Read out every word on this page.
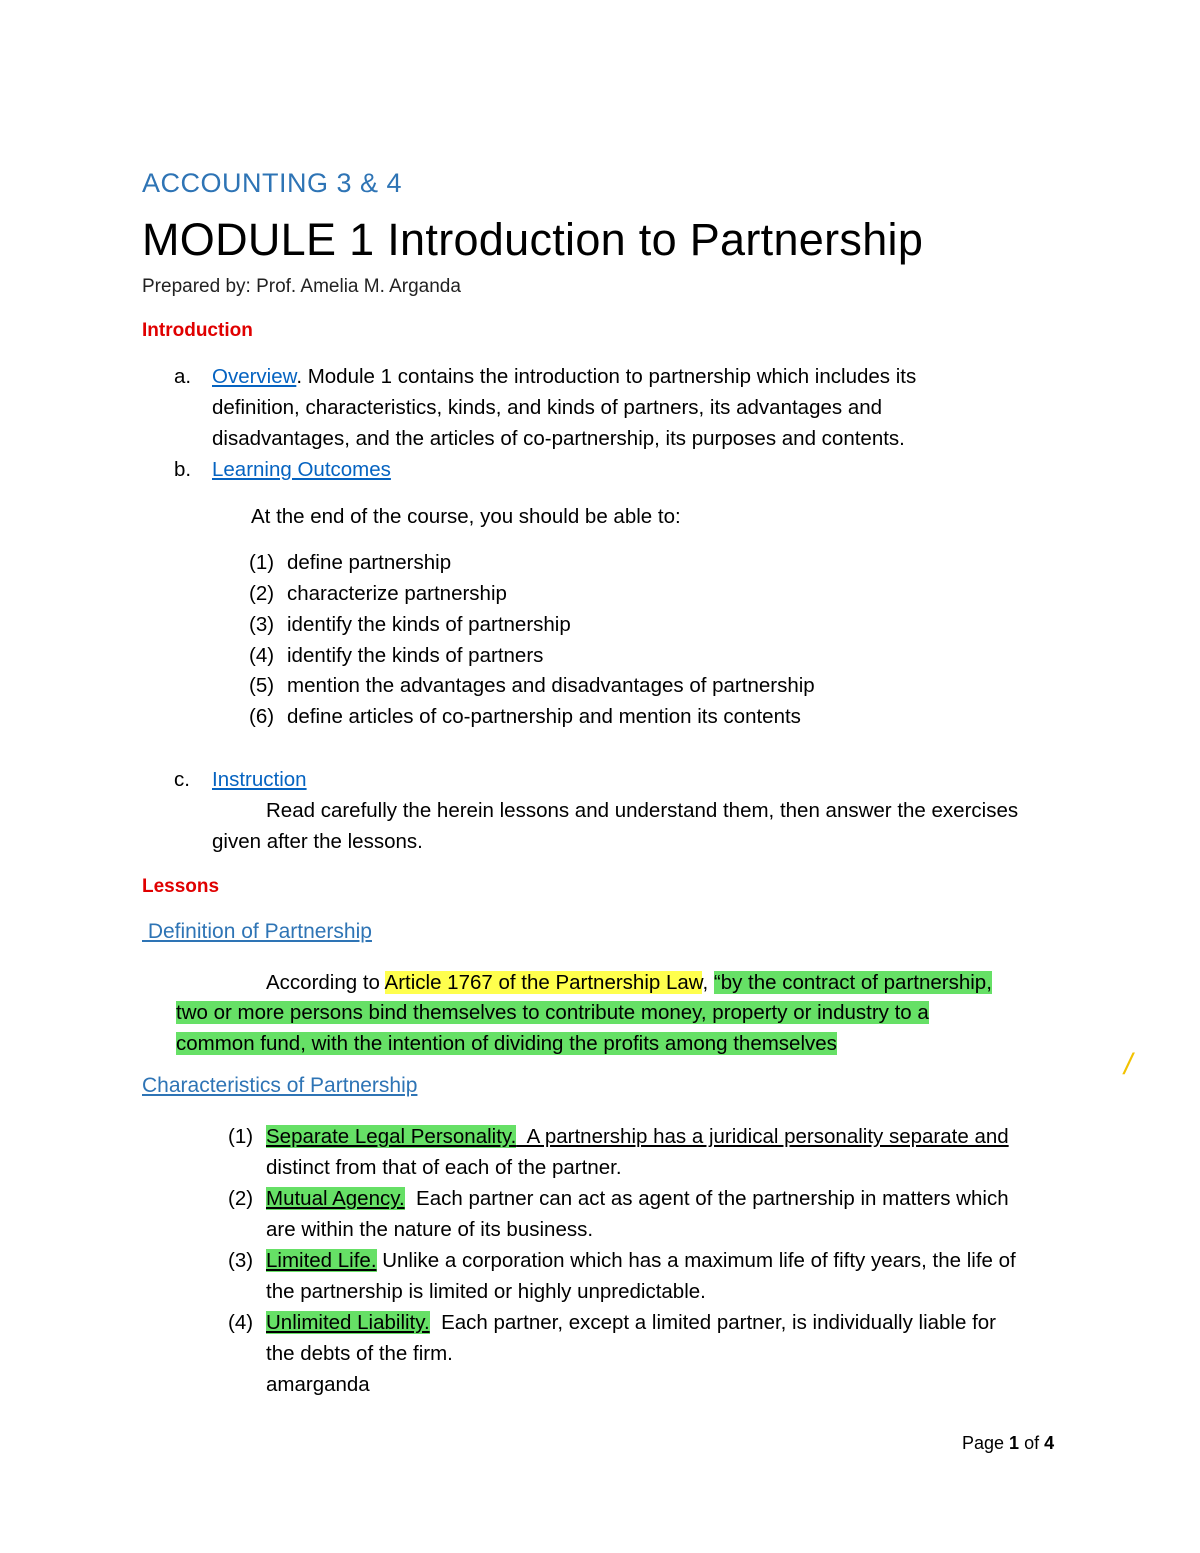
ACCOUNTING 3 & 4
MODULE 1 Introduction to Partnership
Prepared by: Prof. Amelia M. Arganda
Introduction
a. Overview. Module 1 contains the introduction to partnership which includes its
definition, characteristics, kinds, and kinds of partners, its advantages and
disadvantages, and the articles of co-partnership, its purposes and contents.
b. Learning Outcomes
At the end of the course, you should be able to:
(1) define partnership
(2) characterize partnership
(3) identify the kinds of partnership
(4) identify the kinds of partners
(5) mention the advantages and disadvantages of partnership
(6) define articles of co-partnership and mention its contents
c. Instruction
Read carefully the herein lessons and understand them, then answer the exercises
given after the lessons.
Lessons
Definition of Partnership
According to Article 1767 of the Partnership Law, “by the contract of partnership,
two or more persons bind themselves to contribute money, property or industry to a
common fund, with the intention of dividing the profits among themselves
/
Characteristics of Partnership
(1) Separate Legal Personality.  A partnership has a juridical personality separate and
distinct from that of each of the partner.
(2) Mutual Agency.  Each partner can act as agent of the partnership in matters which
are within the nature of its business.
(3) Limited Life. Unlike a corporation which has a maximum life of fifty years, the life of
the partnership is limited or highly unpredictable.
(4) Unlimited Liability.  Each partner, except a limited partner, is individually liable for
the debts of the firm.
amarganda
Page 1 of 4
